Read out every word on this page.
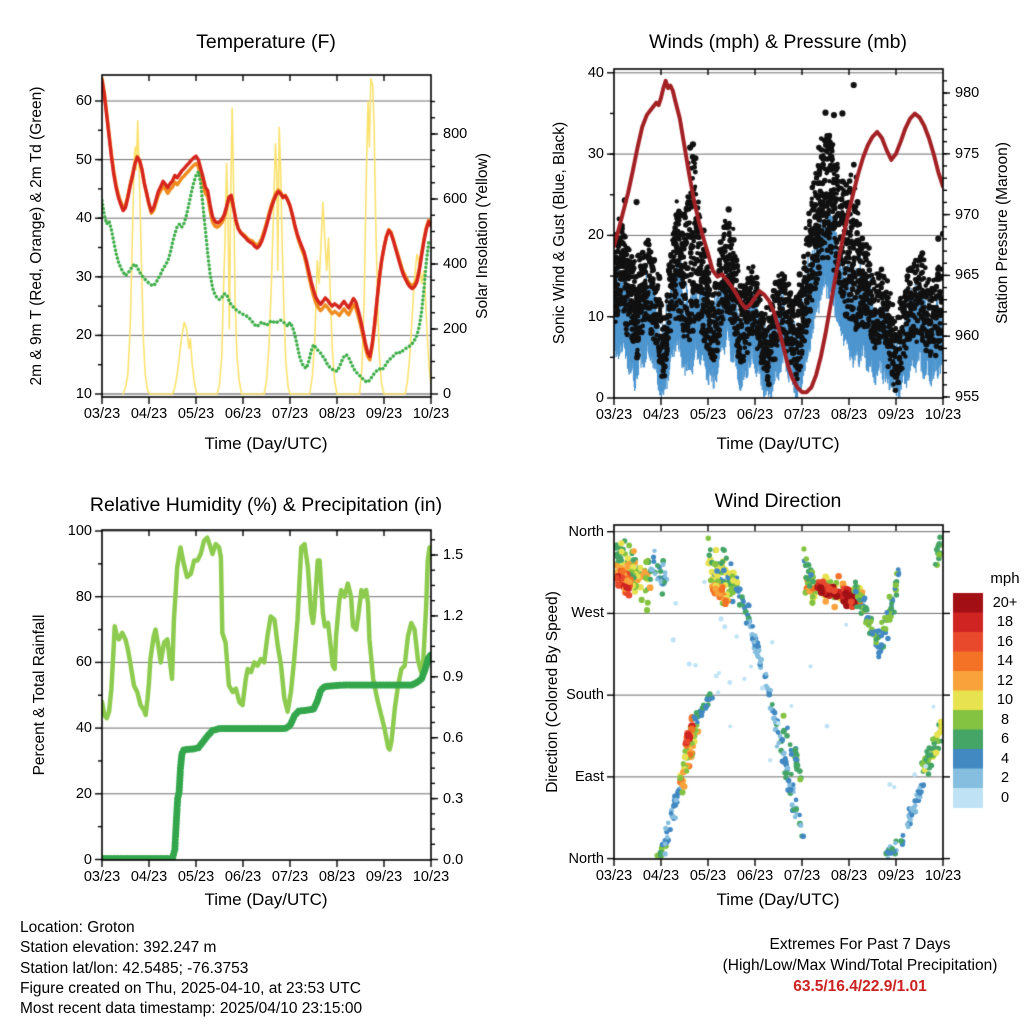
Temperature (F)	Winds (mph) & Pressure (mb)
Relative Humidity (%) & Precipitation (in)	Wind Direction
2m & 9m T (Red, Orange) & 2m Td (Green)	Solar Insolation (Yellow)	Sonic Wind & Gust (Blue, Black)	Station Pressure (Maroon)
Percent & Total Rainfall	Direction (Colored By Speed)
Time (Day/UTC)	Time (Day/UTC)
Time (Day/UTC)	Time (Day/UTC)
mph
Location: Groton
Station elevation: 392.247 m
Station lat/lon: 42.5485; -76.3753
Figure created on Thu, 2025-04-10, at 23:53 UTC
Most recent data timestamp: 2025/04/10 23:15:00
Extremes For Past 7 Days
(High/Low/Max Wind/Total Precipitation)
63.5/16.4/22.9/1.01
10
20
30
40
50
60
0
200
400
600
800
03/23 04/23 05/23 06/23 07/23 08/23 09/23 10/23
0
10
20
30
40
955
960
965
970
975
980
03/23 04/23 05/23 06/23 07/23 08/23 09/23 10/23
0
20
40
60
80
100
0.0
0.3
0.6
0.9
1.2
1.5
03/23 04/23 05/23 06/23 07/23 08/23 09/23 10/23
North
West
South
East
North
03/23 04/23 05/23 06/23 07/23 08/23 09/23 10/23
20+
18
16
14
12
10
8
6
4
2
0
